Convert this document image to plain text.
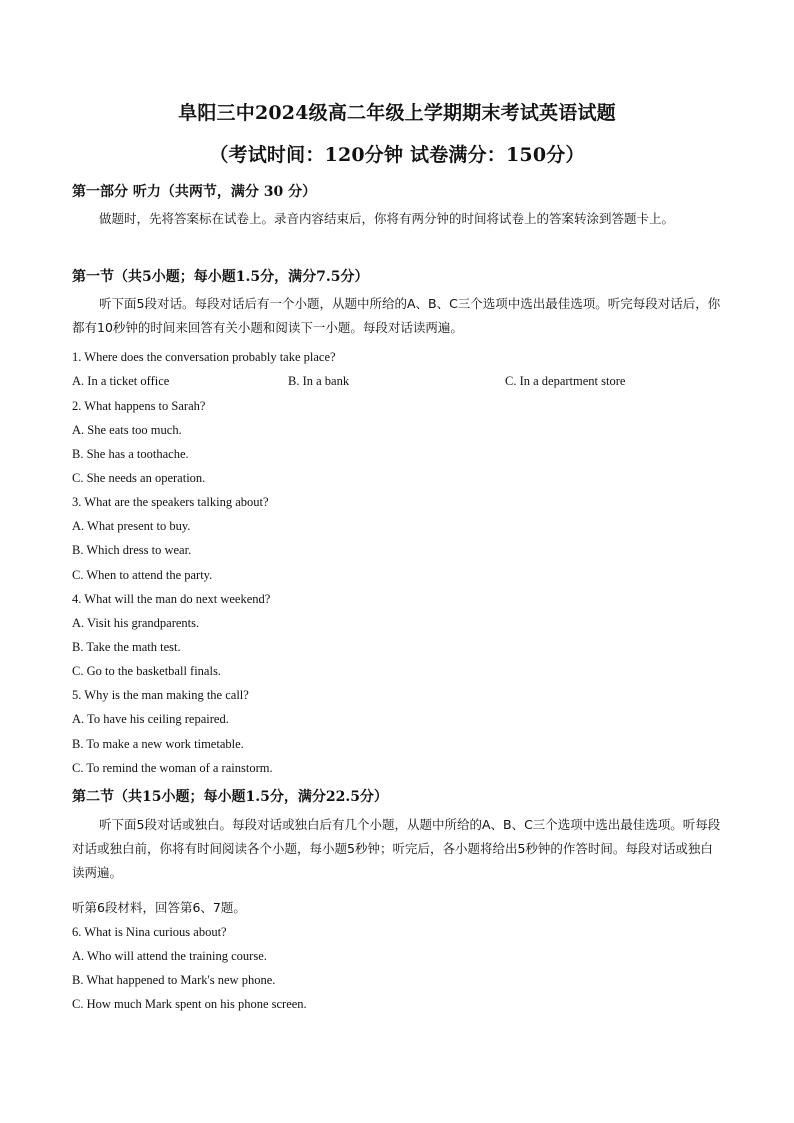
阜阳三中2024级高二年级上学期期末考试英语试题
（考试时间：120分钟 试卷满分：150分）
第一部分 听力（共两节，满分 30 分）
做题时，先将答案标在试卷上。录音内容结束后，你将有两分钟的时间将试卷上的答案转涂到答题卡上。
第一节（共5小题；每小题1.5分，满分7.5分）
听下面5段对话。每段对话后有一个小题，从题中所给的A、B、C三个选项中选出最佳选项。听完每段对话后，你都有10秒钟的时间来回答有关小题和阅读下一小题。每段对话读两遍。
1. Where does the conversation probably take place?
A. In a ticket office	B. In a bank	C. In a department store
2. What happens to Sarah?
A. She eats too much.
B. She has a toothache.
C. She needs an operation.
3. What are the speakers talking about?
A. What present to buy.
B. Which dress to wear.
C. When to attend the party.
4. What will the man do next weekend?
A. Visit his grandparents.
B. Take the math test.
C. Go to the basketball finals.
5. Why is the man making the call?
A. To have his ceiling repaired.
B. To make a new work timetable.
C. To remind the woman of a rainstorm.
第二节（共15小题；每小题1.5分，满分22.5分）
听下面5段对话或独白。每段对话或独白后有几个小题，从题中所给的A、B、C三个选项中选出最佳选项。听每段对话或独白前，你将有时间阅读各个小题，每小题5秒钟；听完后，各小题将给出5秒钟的作答时间。每段对话或独白读两遍。
听第6段材料，回答第6、7题。
6. What is Nina curious about?
A. Who will attend the training course.
B. What happened to Mark's new phone.
C. How much Mark spent on his phone screen.
